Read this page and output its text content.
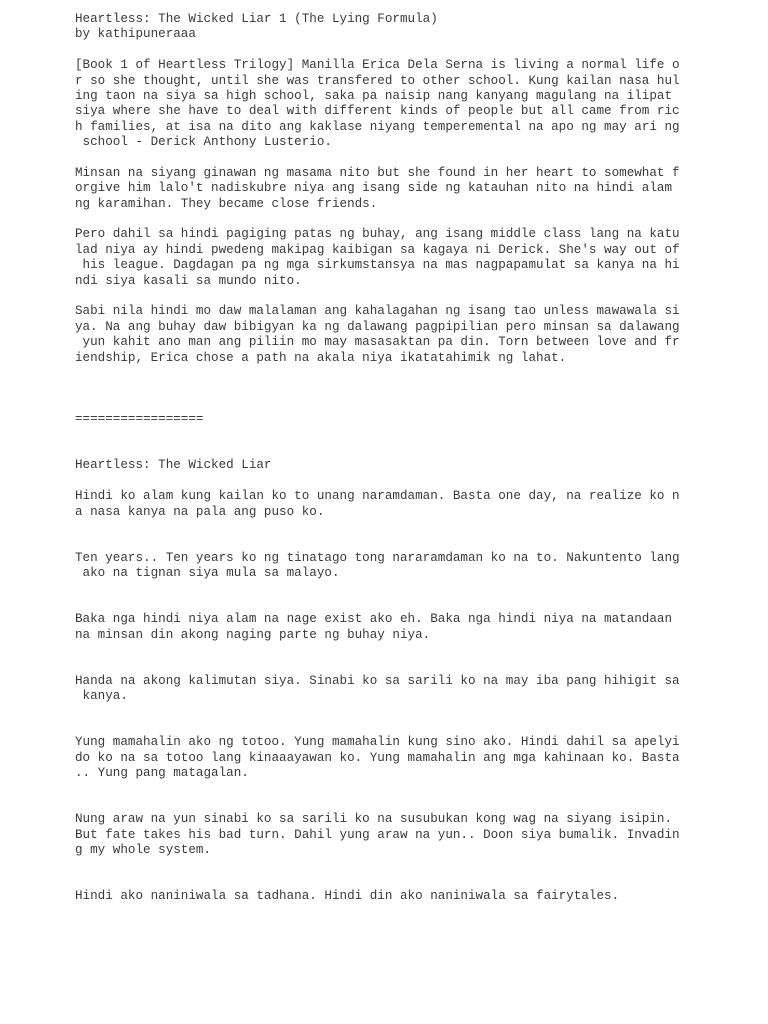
Heartless: The Wicked Liar 1 (The Lying Formula)
by kathipuneraaa
[Book 1 of Heartless Trilogy] Manilla Erica Dela Serna is living a normal life o
r so she thought, until she was transfered to other school. Kung kailan nasa hul
ing taon na siya sa high school, saka pa naisip nang kanyang magulang na ilipat
siya where she have to deal with different kinds of people but all came from ric
h families, at isa na dito ang kaklase niyang temperemental na apo ng may ari ng
school - Derick Anthony Lusterio.
Minsan na siyang ginawan ng masama nito but she found in her heart to somewhat f
orgive him lalo't nadiskubre niya ang isang side ng katauhan nito na hindi alam
ng karamihan. They became close friends.
Pero dahil sa hindi pagiging patas ng buhay, ang isang middle class lang na katu
lad niya ay hindi pwedeng makipag kaibigan sa kagaya ni Derick. She's way out of
his league. Dagdagan pa ng mga sirkumstansya na mas nagpapamulat sa kanya na hi
ndi siya kasali sa mundo nito.
Sabi nila hindi mo daw malalaman ang kahalagahan ng isang tao unless mawawala si
ya. Na ang buhay daw bibigyan ka ng dalawang pagpipilian pero minsan sa dalawang
yun kahit ano man ang piliin mo may masasaktan pa din. Torn between love and fr
iendship, Erica chose a path na akala niya ikatatahimik ng lahat.
=================
Heartless: The Wicked Liar
Hindi ko alam kung kailan ko to unang naramdaman. Basta one day, na realize ko n
a nasa kanya na pala ang puso ko.
Ten years.. Ten years ko ng tinatago tong nararamdaman ko na to. Nakuntento lang
ako na tignan siya mula sa malayo.
Baka nga hindi niya alam na nage exist ako eh. Baka nga hindi niya na matandaan
na minsan din akong naging parte ng buhay niya.
Handa na akong kalimutan siya. Sinabi ko sa sarili ko na may iba pang hihigit sa
kanya.
Yung mamahalin ako ng totoo. Yung mamahalin kung sino ako. Hindi dahil sa apelyi
do ko na sa totoo lang kinaaayawan ko. Yung mamahalin ang mga kahinaan ko. Basta
.. Yung pang matagalan.
Nung araw na yun sinabi ko sa sarili ko na susubukan kong wag na siyang isipin.
But fate takes his bad turn. Dahil yung araw na yun.. Doon siya bumalik. Invadin
g my whole system.
Hindi ako naniniwala sa tadhana. Hindi din ako naniniwala sa fairytales.
